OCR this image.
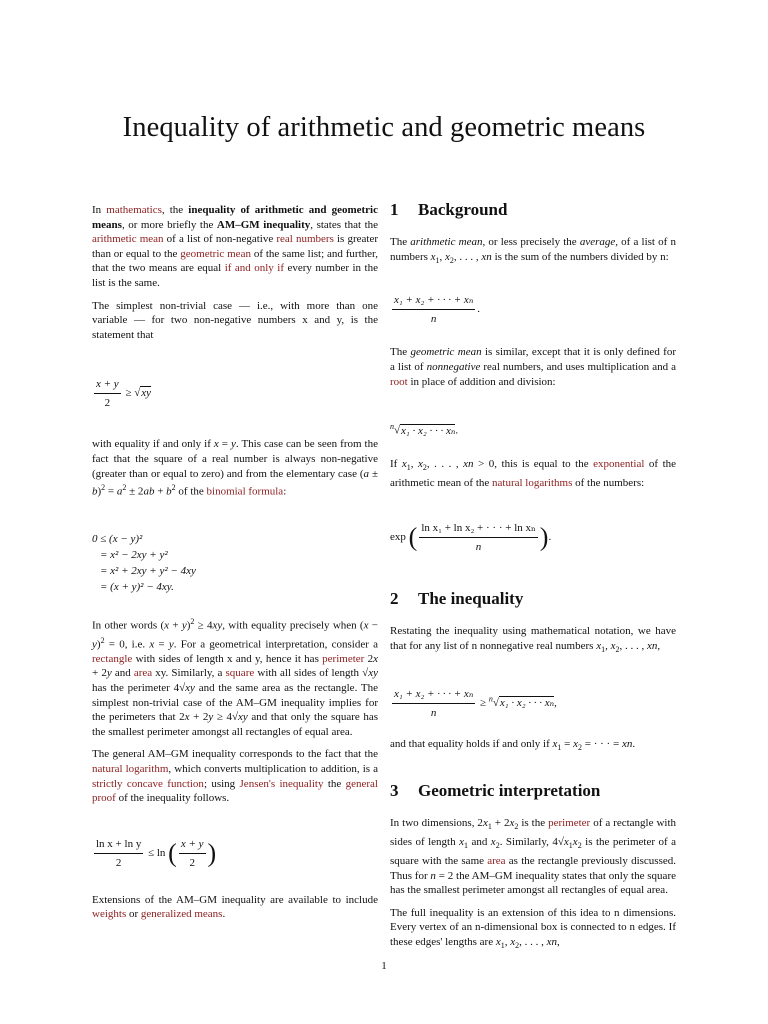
Inequality of arithmetic and geometric means

In mathematics, the inequality of arithmetic and geometric means, or more briefly the AM–GM inequality, states that the arithmetic mean of a list of non-negative real numbers is greater than or equal to the geometric mean of the same list; and further, that the two means are equal if and only if every number in the list is the same.

The simplest non-trivial case — i.e., with more than one variable — for two non-negative numbers x and y, is the statement that

$\frac{x + y}{2} \ge √xy$

with equality if and only if x = y. This case can be seen from the fact that the square of a real number is always non-negative (greater than or equal to zero) and from the elementary case $(a \pm b)^2 = a^2 \pm 2ab + b^2$ of the binomial formula:

0 ≤ (x − y)²
= x² − 2xy + y²
= x² + 2xy + y² − 4xy
= (x + y)² − 4xy.

In other words $(x + y)^2 \ge 4xy$, with equality precisely when $(x - y)^2 = 0$, i.e. x = y. For a geometrical interpretation, consider a rectangle with sides of length x and y, hence it has perimeter 2x + 2y and area xy. Similarly, a square with all sides of length √xy has the perimeter 4√xy and the same area as the rectangle. The simplest non-trivial case of the AM–GM inequality implies for the perimeters that 2x + 2y ≥ 4√xy and that only the square has the smallest perimeter amongst all rectangles of equal area.

The general AM–GM inequality corresponds to the fact that the natural logarithm, which converts multiplication to addition, is a strictly concave function; using Jensen's inequality the general proof of the inequality follows.

$\frac{\text{ln x + ln y}}{2} \le \ln$ ( $\frac{x + y}{2}$ )

Extensions of the AM–GM inequality are available to include weights or generalized means.

1 Background

The arithmetic mean, or less precisely the average, of a list of n numbers $x_1$, $x_2$, . . . , xn is the sum of the numbers divided by n:

$\frac{\text{x₁ + x₂ + · · · + xₙ}}{n}$ .

The geometric mean is similar, except that it is only defined for a list of nonnegative real numbers, and uses multiplication and a root in place of addition and division:

$^n$√x₁ · x₂ · · · xₙ.

If $x_1$, $x_2$, . . . , xn > 0, this is equal to the exponential of the arithmetic mean of the natural logarithms of the numbers:

exp ( $\frac{\text{ln x₁ + ln x₂ + · · · + ln xₙ}}{n}$ ).
2 The inequality

Restating the inequality using mathematical notation, we have that for any list of n nonnegative real numbers $x_1$, $x_2$, . . . , xn,

$\frac{\text{x₁ + x₂ + · · · + xₙ}}{n} \ge ^n√x_1 \cdot x_2$ · · · xₙ,

and that equality holds if and only if $x_1 = x_2$ = · · · = xn.

3 Geometric interpretation

In two dimensions, $2x_1 + 2x_2$ is the perimeter of a rectangle with sides of length $x_1$ and $x_2$. Similarly, $4√x_1x_2$ is the perimeter of a square with the same area as the rectangle previously discussed. Thus for n = 2 the AM–GM inequality states that only the square has the smallest perimeter amongst all rectangles of equal area.

The full inequality is an extension of this idea to n dimensions. Every vertex of an n-dimensional box is connected to n edges. If these edges' lengths are $x_1$, $x_2$, . . . , xn,

1
